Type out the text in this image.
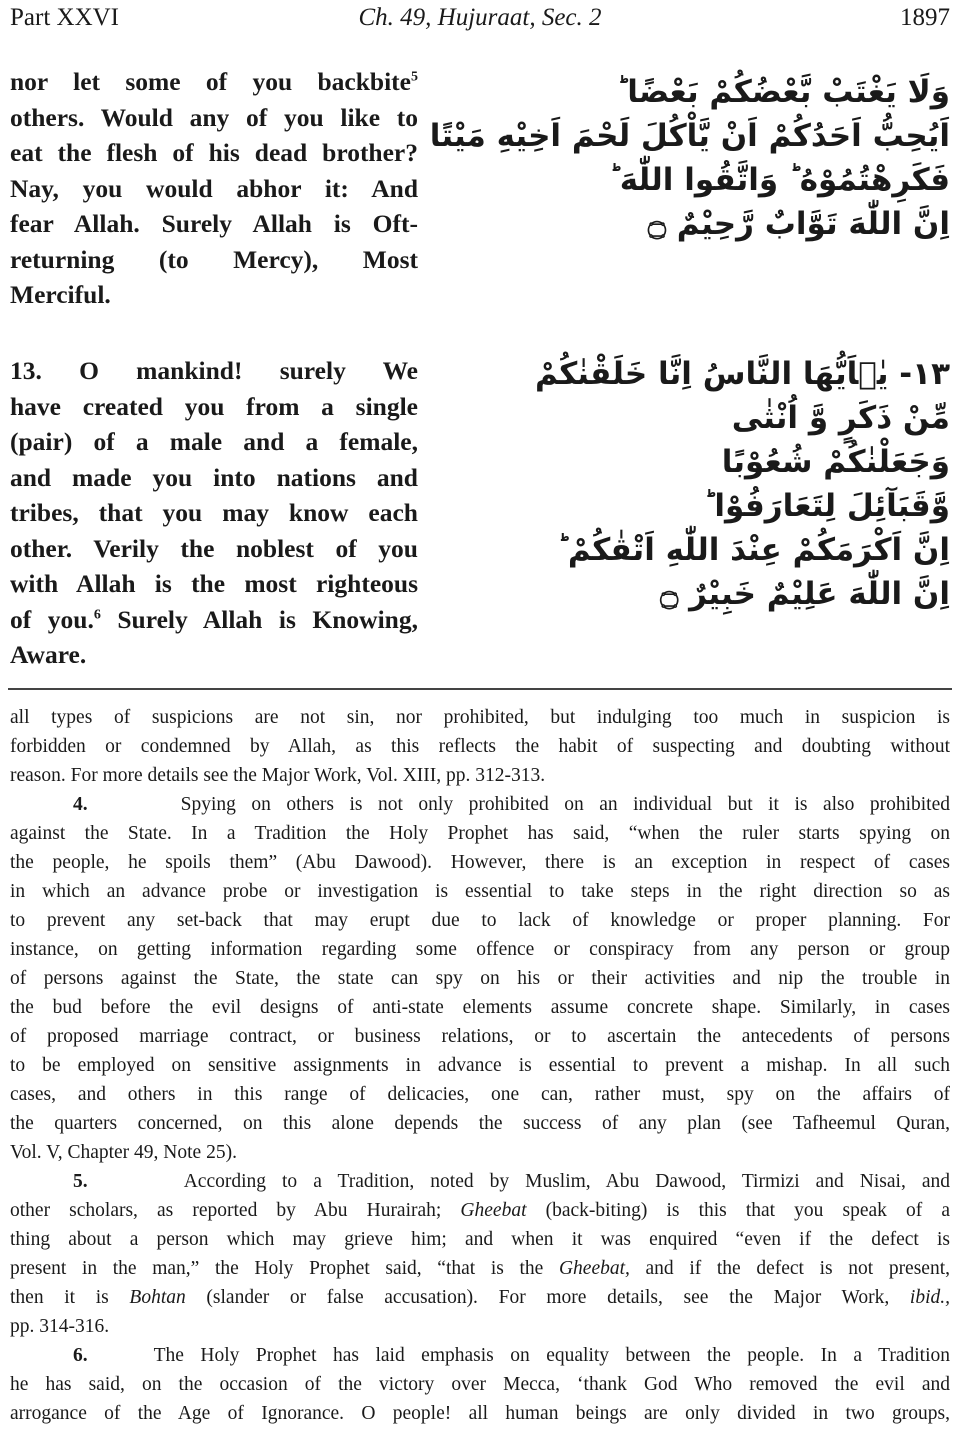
Part XXVI	Ch. 49, Hujuraat, Sec. 2	1897
nor let some of you backbite$^5$
others. Would any of you like to
eat the flesh of his dead brother?
Nay, you would abhor it: And
fear Allah. Surely Allah is Oft-
returning (to Mercy), Most
Merciful.
وَلَا يَغْتَبْ بَّعْضُكُمْ بَعْضًا ؕ
اَيُحِبُّ اَحَدُكُمْ اَنْ يَّاْكُلَ لَحْمَ اَخِيْهِ مَيْتًا
فَكَرِهْتُمُوْهُ ؕ وَاتَّقُوا اللّٰهَ ؕ
اِنَّ اللّٰهَ تَوَّابٌ رَّحِيْمٌ ۝
13. O mankind! surely We
have created you from a single
(pair) of a male and a female,
and made you into nations and
tribes, that you may know each
other. Verily the noblest of you
with Allah is the most righteous
of you.$^6$ Surely Allah is Knowing,
Aware.
١٣- يٰۤاَيُّهَا النَّاسُ اِنَّا خَلَقْنٰكُمْ
مِّنْ ذَكَرٍ وَّ اُنْثٰى
وَجَعَلْنٰكُمْ شُعُوْبًا
وَّقَبَآئِلَ لِتَعَارَفُوْا ؕ
اِنَّ اَكْرَمَكُمْ عِنْدَ اللّٰهِ اَتْقٰكُمْ ؕ
اِنَّ اللّٰهَ عَلِيْمٌ خَبِيْرٌ ۝
all types of suspicions are not sin, nor prohibited, but indulging too much in suspicion is
forbidden or condemned by Allah, as this reflects the habit of suspecting and doubting without
reason. For more details see the Major Work, Vol. XIII, pp. 312-313.
4.	Spying on others is not only prohibited on an individual but it is also prohibited
against the State. In a Tradition the Holy Prophet has said, “when the ruler starts spying on
the people, he spoils them” (Abu Dawood). However, there is an exception in respect of cases
in which an advance probe or investigation is essential to take steps in the right direction so as
to prevent any set-back that may erupt due to lack of knowledge or proper planning. For
instance, on getting information regarding some offence or conspiracy from any person or group
of persons against the State, the state can spy on his or their activities and nip the trouble in
the bud before the evil designs of anti-state elements assume concrete shape. Similarly, in cases
of proposed marriage contract, or business relations, or to ascertain the antecedents of persons
to be employed on sensitive assignments in advance is essential to prevent a mishap. In all such
cases, and others in this range of delicacies, one can, rather must, spy on the affairs of
the quarters concerned, on this alone depends the success of any plan (see Tafheemul Quran,
Vol. V, Chapter 49, Note 25).
5.	According to a Tradition, noted by Muslim, Abu Dawood, Tirmizi and Nisai, and
other scholars, as reported by Abu Hurairah; Gheebat (back-biting) is this that you speak of a
thing about a person which may grieve him; and when it was enquired “even if the defect is
present in the man,” the Holy Prophet said, “that is the Gheebat, and if the defect is not present,
then it is Bohtan (slander or false accusation). For more details, see the Major Work, ibid.,
pp. 314-316.
6.	The Holy Prophet has laid emphasis on equality between the people. In a Tradition
he has said, on the occasion of the victory over Mecca, ‘thank God Who removed the evil and
arrogance of the Age of Ignorance. O people! all human beings are only divided in two groups,
